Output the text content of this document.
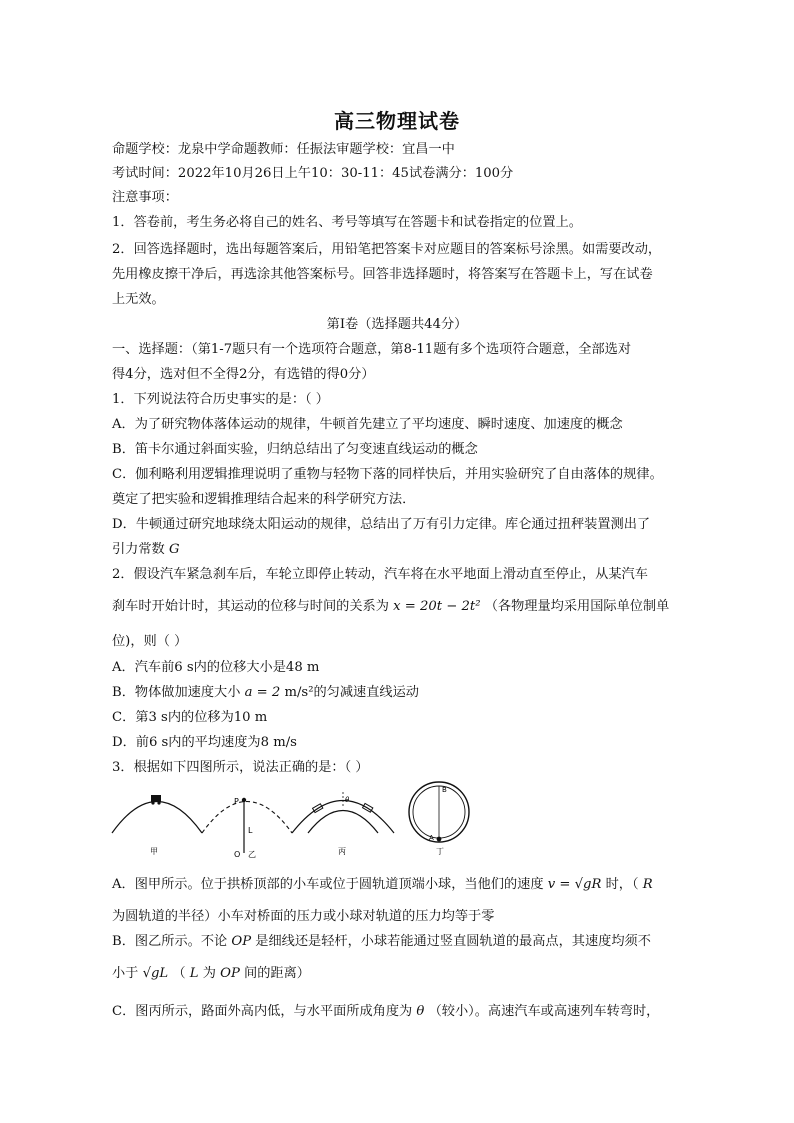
高三物理试卷
命题学校：龙泉中学命题教师：任振法审题学校：宜昌一中
考试时间：2022年10月26日上午10：30-11：45试卷满分：100分
注意事项：
1．答卷前，考生务必将自己的姓名、考号等填写在答题卡和试卷指定的位置上。
2．回答选择题时，选出每题答案后，用铅笔把答案卡对应题目的答案标号涂黑。如需要改动，
先用橡皮擦干净后，再选涂其他答案标号。回答非选择题时，将答案写在答题卡上，写在试卷
上无效。
第Ⅰ卷（选择题共44分）
一、选择题：（第1-7题只有一个选项符合题意，第8-11题有多个选项符合题意，全部选对
得4分，选对但不全得2分，有选错的得0分）
1．下列说法符合历史事实的是：（ ）
A．为了研究物体落体运动的规律，牛顿首先建立了平均速度、瞬时速度、加速度的概念
B．笛卡尔通过斜面实验，归纳总结出了匀变速直线运动的概念
C．伽利略利用逻辑推理说明了重物与轻物下落的同样快后，并用实验研究了自由落体的规律。
奠定了把实验和逻辑推理结合起来的科学研究方法．
D．牛顿通过研究地球绕太阳运动的规律，总结出了万有引力定律。库仑通过扭秤装置测出了
引力常数 G
2．假设汽车紧急刹车后，车轮立即停止转动，汽车将在水平地面上滑动直至停止，从某汽车
刹车时开始计时，其运动的位移与时间的关系为 x = 20t − 2t² （各物理量均采用国际单位制单
位)，则（ ）
A．汽车前6 s内的位移大小是48 m
B．物体做加速度大小 a = 2 m/s²的匀减速直线运动
C．第3 s内的位移为10 m
D．前6 s内的平均速度为8 m/s
3．根据如下四图所示，说法正确的是：（ ）
甲
P
L
O 乙
θ
丙
B
A
丁
A．图甲所示。位于拱桥顶部的小车或位于圆轨道顶端小球，当他们的速度 v = √gR 时，（ R
为圆轨道的半径）小车对桥面的压力或小球对轨道的压力均等于零
B．图乙所示。不论 OP 是细线还是轻杆，小球若能通过竖直圆轨道的最高点，其速度均须不
小于 √gL （ L 为 OP 间的距离）
C．图丙所示，路面外高内低，与水平面所成角度为 θ （较小）。高速汽车或高速列车转弯时，
